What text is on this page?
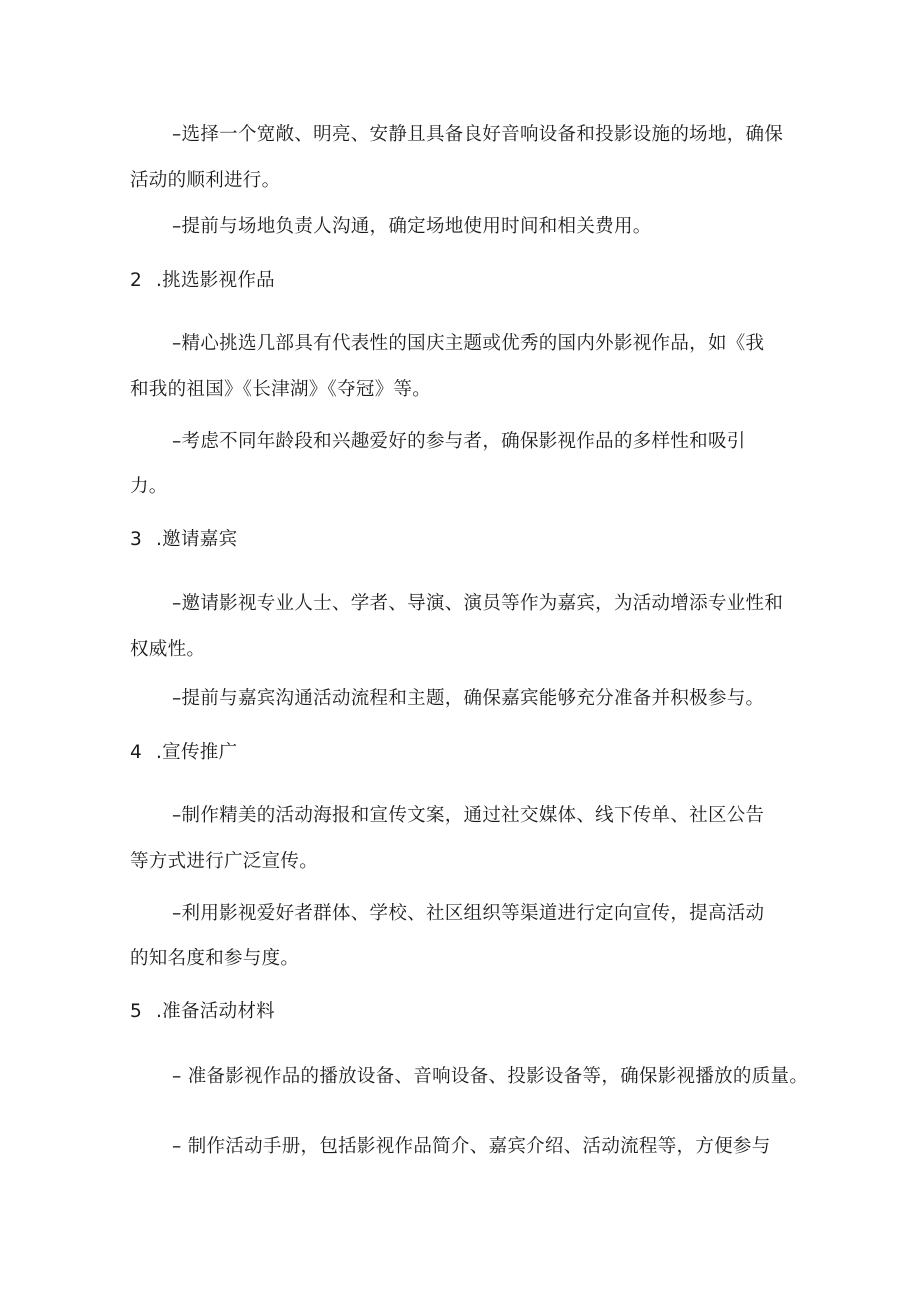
–选择一个宽敞、明亮、安静且具备良好音响设备和投影设施的场地，确保
活动的顺利进行。
–提前与场地负责人沟通，确定场地使用时间和相关费用。
2 .挑选影视作品
–精心挑选几部具有代表性的国庆主题或优秀的国内外影视作品，如《我
和我的祖国》《长津湖》《夺冠》等。
–考虑不同年龄段和兴趣爱好的参与者，确保影视作品的多样性和吸引
力。
3 .邀请嘉宾
–邀请影视专业人士、学者、导演、演员等作为嘉宾，为活动增添专业性和
权威性。
–提前与嘉宾沟通活动流程和主题，确保嘉宾能够充分准备并积极参与。
4 .宣传推广
–制作精美的活动海报和宣传文案，通过社交媒体、线下传单、社区公告
等方式进行广泛宣传。
–利用影视爱好者群体、学校、社区组织等渠道进行定向宣传，提高活动
的知名度和参与度。
5 .准备活动材料
– 准备影视作品的播放设备、音响设备、投影设备等，确保影视播放的质量。
– 制作活动手册，包括影视作品简介、嘉宾介绍、活动流程等，方便参与
